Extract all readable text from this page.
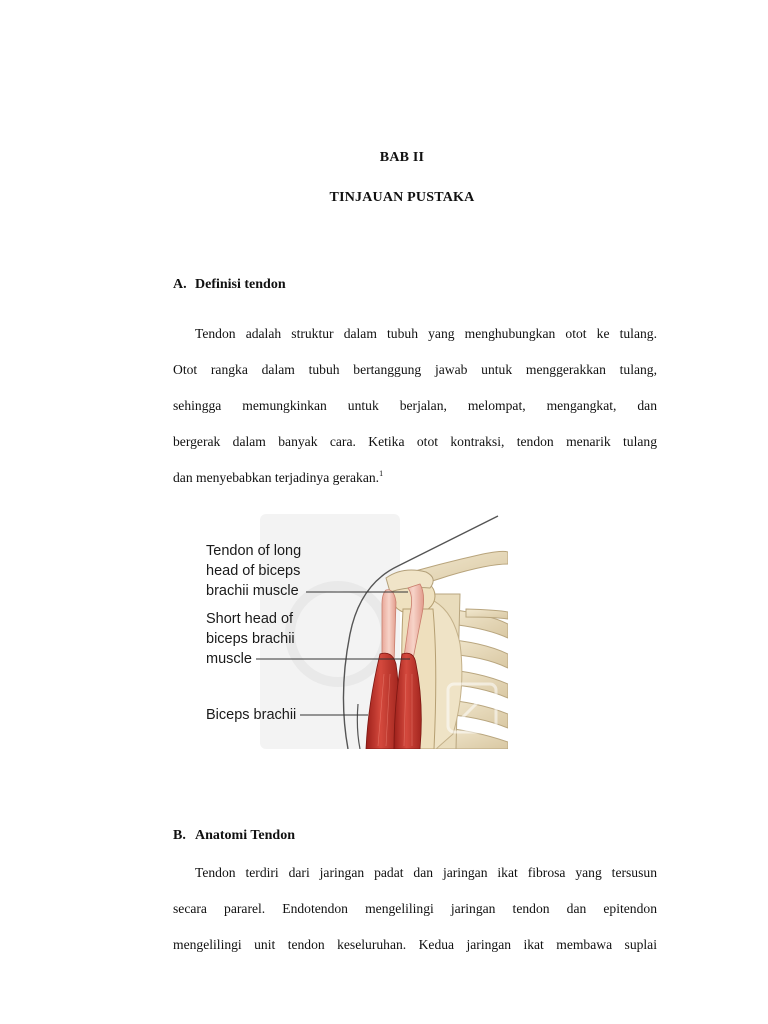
BAB II
TINJAUAN PUSTAKA
A. Definisi tendon
Tendon adalah struktur dalam tubuh yang menghubungkan otot ke tulang.
Otot rangka dalam tubuh bertanggung jawab untuk menggerakkan tulang,
sehingga memungkinkan untuk berjalan, melompat, mengangkat, dan
bergerak dalam banyak cara. Ketika otot kontraksi, tendon menarik tulang
dan menyebabkan terjadinya gerakan.$^1$
Tendon of long
head of biceps
brachii muscle
Short head of
biceps brachii
muscle
Biceps brachii
B. Anatomi Tendon
Tendon terdiri dari jaringan padat dan jaringan ikat fibrosa yang tersusun
secara pararel. Endotendon mengelilingi jaringan tendon dan epitendon
mengelilingi unit tendon keseluruhan. Kedua jaringan ikat membawa suplai
